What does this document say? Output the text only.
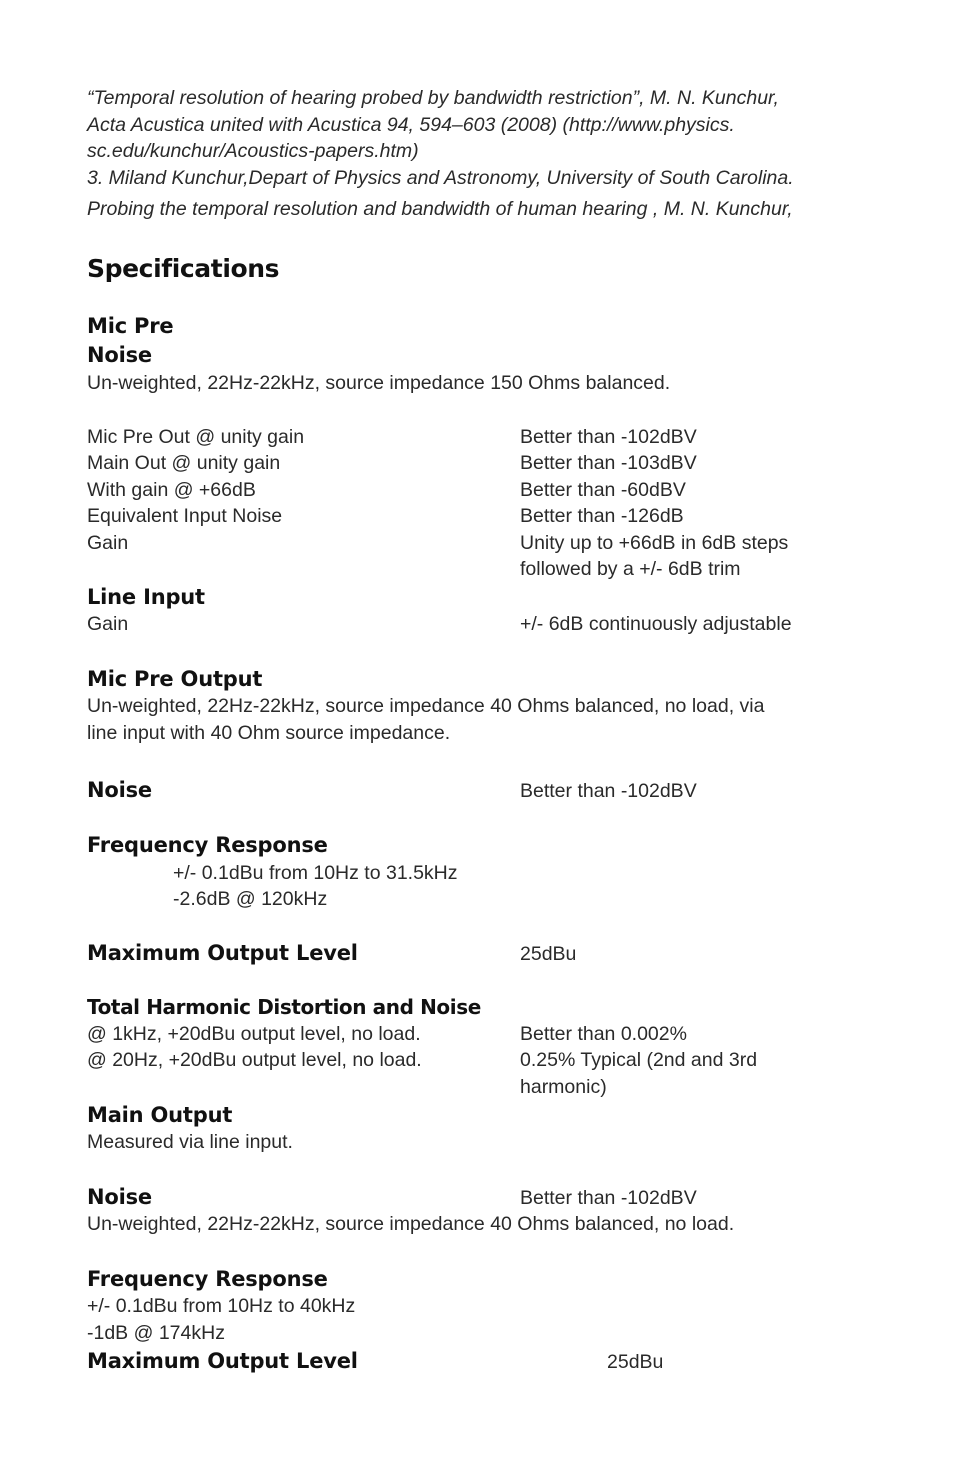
“Temporal resolution of hearing probed by bandwidth restriction”, M. N. Kunchur,
Acta Acustica united with Acustica 94, 594–603 (2008) (http://www.physics.
sc.edu/kunchur/Acoustics-papers.htm)
3. Miland Kunchur,Depart of Physics and Astronomy, University of South Carolina.
Probing the temporal resolution and bandwidth of human hearing , M. N. Kunchur,
Specifications
Mic Pre
Noise
Un-weighted, 22Hz-22kHz, source impedance 150 Ohms balanced.
Mic Pre Out @ unity gain	Better than -102dBV
Main Out @ unity gain	Better than -103dBV
With gain @ +66dB	Better than -60dBV
Equivalent Input Noise	Better than -126dB
Gain	Unity up to +66dB in 6dB steps
followed by a +/- 6dB trim
Line Input
Gain	+/- 6dB continuously adjustable
Mic Pre Output
Un-weighted, 22Hz-22kHz, source impedance 40 Ohms balanced, no load, via
line input with 40 Ohm source impedance.
Noise	Better than -102dBV
Frequency Response
+/- 0.1dBu from 10Hz to 31.5kHz
-2.6dB @ 120kHz
Maximum Output Level	25dBu
Total Harmonic Distortion and Noise
@ 1kHz, +20dBu output level, no load.	Better than 0.002%
@ 20Hz, +20dBu output level, no load.	0.25% Typical (2nd and 3rd
harmonic)
Main Output
Measured via line input.
Noise	Better than -102dBV
Un-weighted, 22Hz-22kHz, source impedance 40 Ohms balanced, no load.
Frequency Response
+/- 0.1dBu from 10Hz to 40kHz
-1dB @ 174kHz
Maximum Output Level	25dBu
